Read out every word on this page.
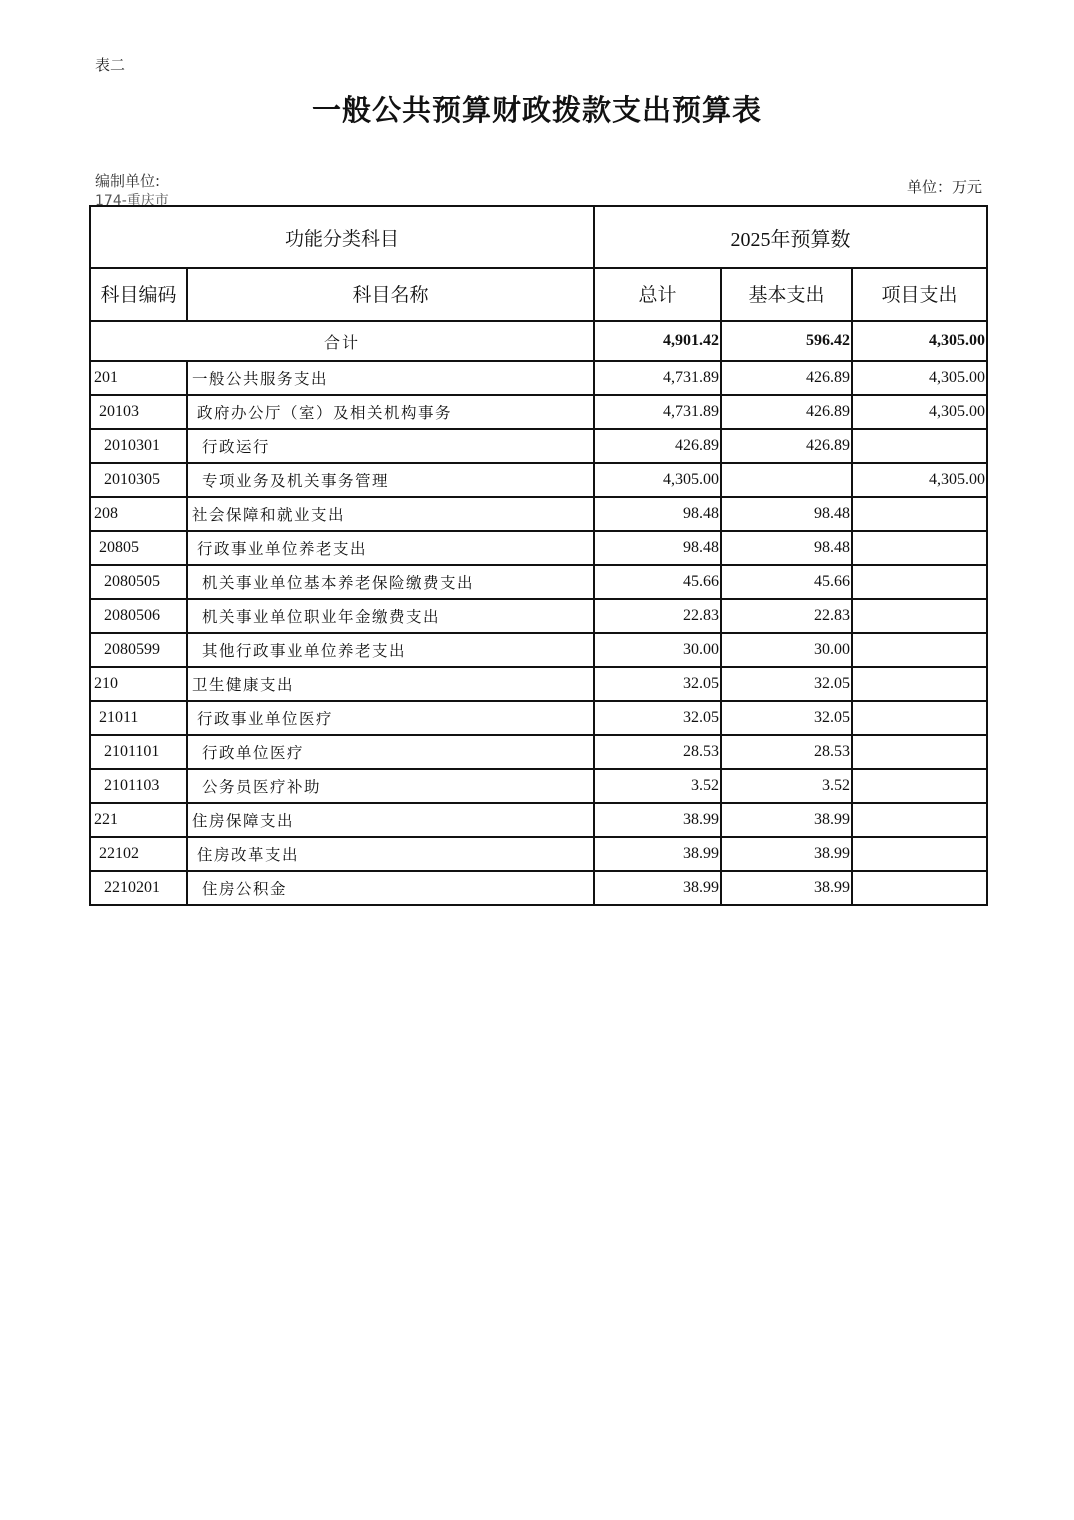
表二
一般公共预算财政拨款支出预算表
编制单位:
174-重庆市
单位：万元
功能分类科目		2025年预算数		
科目编码	科目名称	总计	基本支出	项目支出
合计		4,901.42	596.42	4,305.00
201	一般公共服务支出	4,731.89	426.89	4,305.00
20103	政府办公厅（室）及相关机构事务	4,731.89	426.89	4,305.00
2010301	行政运行	426.89	426.89	
2010305	专项业务及机关事务管理	4,305.00		4,305.00
208	社会保障和就业支出	98.48	98.48	
20805	行政事业单位养老支出	98.48	98.48	
2080505	机关事业单位基本养老保险缴费支出	45.66	45.66	
2080506	机关事业单位职业年金缴费支出	22.83	22.83	
2080599	其他行政事业单位养老支出	30.00	30.00	
210	卫生健康支出	32.05	32.05	
21011	行政事业单位医疗	32.05	32.05	
2101101	行政单位医疗	28.53	28.53	
2101103	公务员医疗补助	3.52	3.52	
221	住房保障支出	38.99	38.99	
22102	住房改革支出	38.99	38.99	
2210201	住房公积金	38.99	38.99	
